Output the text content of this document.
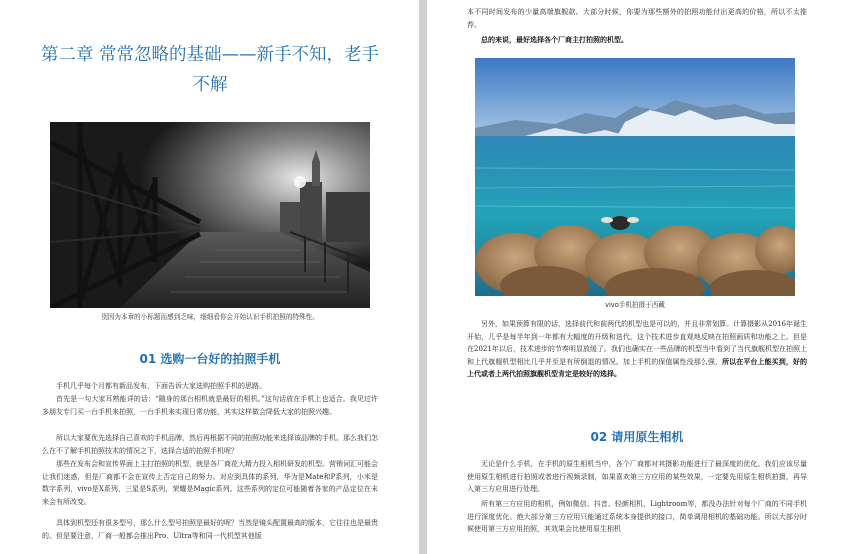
第二章 常常忽略的基础——新手不知，老手
不解
别因为本章的小标题而感到乏味，细细看你会开始认识手机拍照的特殊性。
01 选购一台好的拍照手机

手机几乎每个月都有新品发布，下面告诉大家选购拍照手机的思路。

首先是一句大家耳熟能详的话：“随身的那台相机就是最好的相机。”这句话放在手机上也适合。我见过许多朋友专门买一台手机来拍照，一台手机来实现日常功能，其实这样做会降低大家的拍照兴趣。

所以大家要优先选择自己喜欢的手机品牌，然后再根据不同的拍照功能来选择该品牌的手机。那么我们怎么在不了解手机拍照技术的情况之下，选择合适的拍照手机呢？

那些在发布会和宣传界面上主打拍照的机型，就是各厂商花大精力投入相机研发的机型。营销词汇可能会让我们迷惑，但是厂商都不会在宣传上否定自己的努力。对应到具体的系列，华为是Mate和P系列，小米是数字系列，vivo是X系列，三星是S系列，荣耀是Magic系列。这些系列的定位可能随着各家的产品定位在未来会有所改变。

具体到机型还有很多型号，那么什么型号拍照是最好的呢？当然是镜头配置最高的版本，它往往也是最贵的。但是要注意，厂商一般都会推出Pro、Ultra等和同一代机型其他版

本不同时间发布的少量高端旗舰款。大部分时候，你要为那些额外的拍照功能付出更高的价格，所以不太推荐。

总的来说，最好选择各个厂商主打拍照的机型。

vivo手机拍摄于西藏

另外，如果预算有限的话，选择前代和前两代的机型也是可以的，并且非常划算。计算摄影从2016年诞生开始，几乎是每半年到一年都有大幅度的升级和迭代，这个技术进步直观地反映在拍照画质和功能之上。但是在2021年以后，技术进步的节奏明显放缓了。我们也确实在一些品牌的机型当中看到了当代旗舰机型在拍照上和上代旗舰机型相比几乎并至是有所倒退的情况。加上手机的保值属性没那么强，所以在平台上能买到，好的上代或者上两代拍照旗舰机型肯定是较好的选择。

02 请用原生相机

无论是什么手机，在手机的原生相机当中，各个厂商都对其摄影功能进行了最深度的优化。我们应该尽量使用原生相机进行拍照或者进行视频录制，如果喜欢第三方应用的某些效果，一定要先用原生相机拍摄，再导入第三方应用进行处理。

所有第三方应用的相机，例如微信、抖音、轻颜相机、Lightroom等，都没办法针对每个厂商的不同手机进行深度优化。绝大部分第三方应用只能通过系统本身提供的接口，简单调用相机的基础功能。所以大部分时候使用第三方应用拍照，其效果会比使用原生相机
